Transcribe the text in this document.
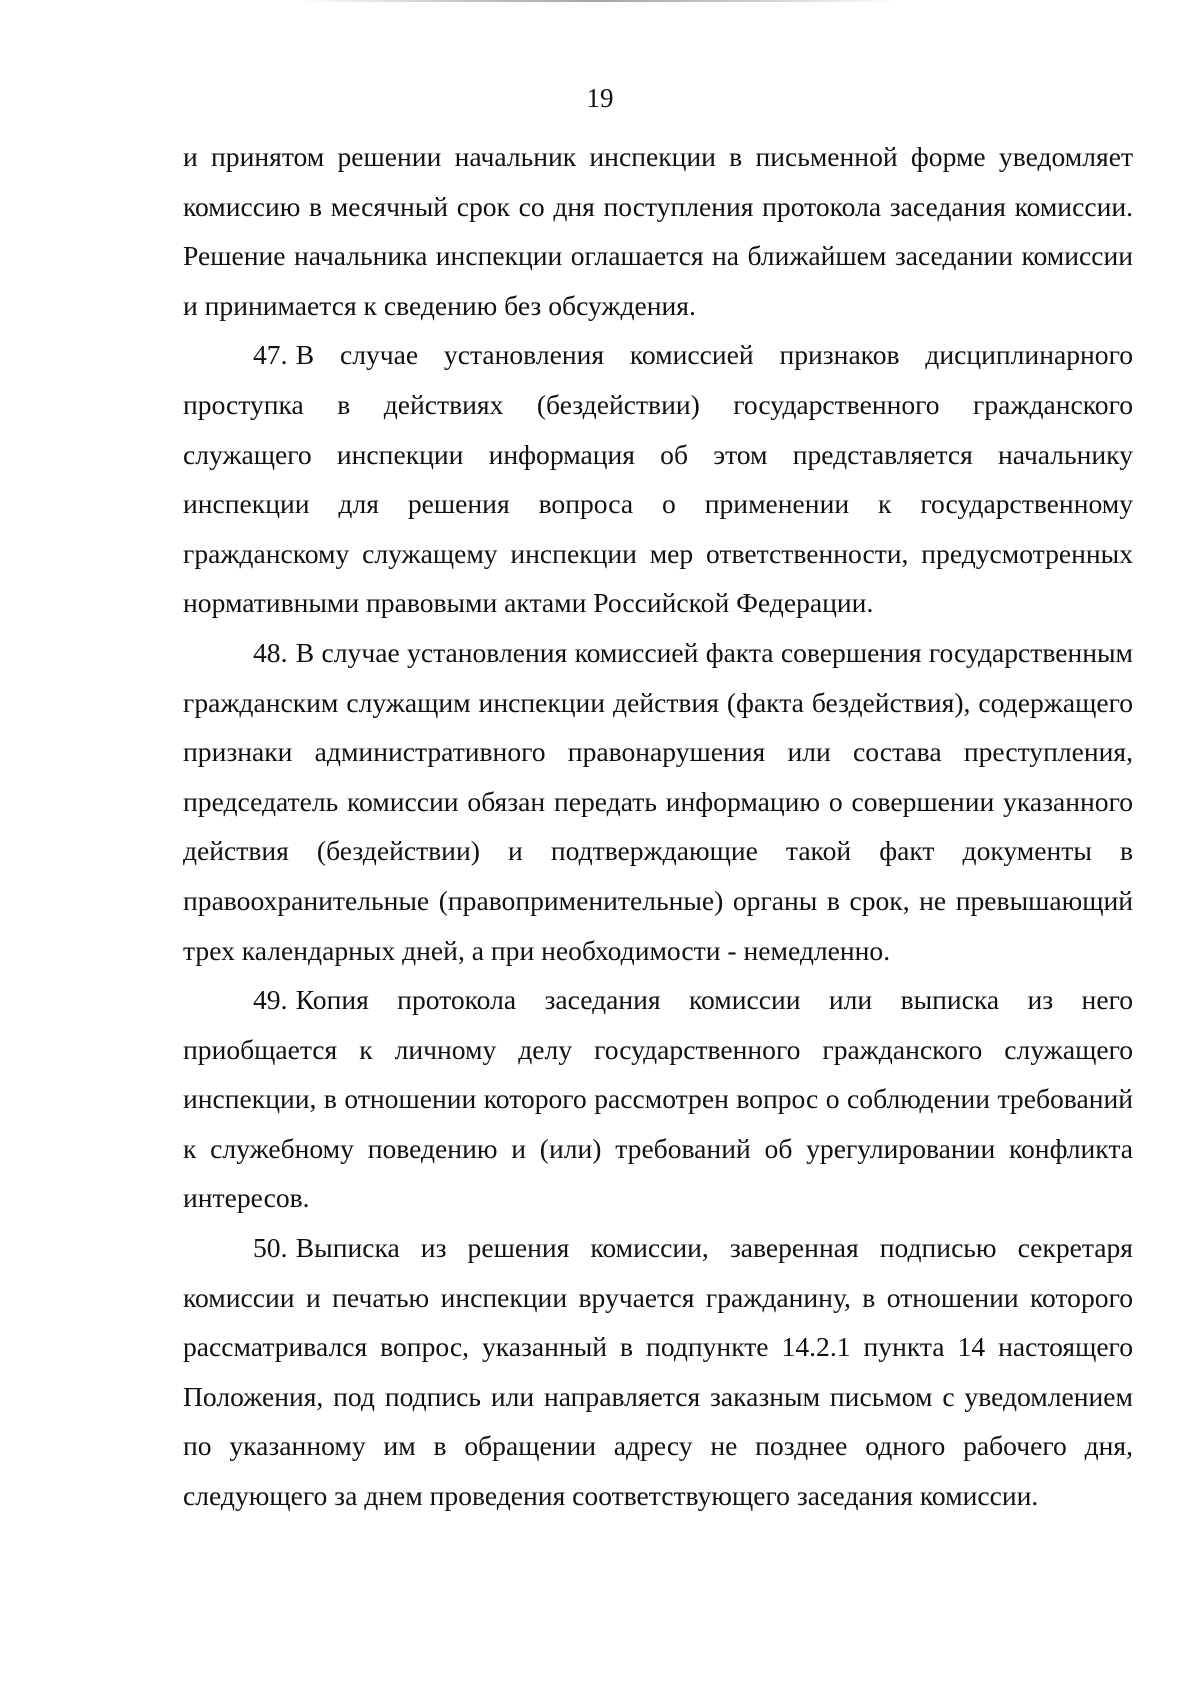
19

и принятом решении начальник инспекции в письменной форме уведомляет комиссию в месячный срок со дня поступления протокола заседания комиссии. Решение начальника инспекции оглашается на ближайшем заседании комиссии и принимается к сведению без обсуждения.

47. В случае установления комиссией признаков дисциплинарного проступка в действиях (бездействии) государственного гражданского служащего инспекции информация об этом представляется начальнику инспекции для решения вопроса о применении к государственному гражданскому служащему инспекции мер ответственности, предусмотренных нормативными правовыми актами Российской Федерации.

48. В случае установления комиссией факта совершения государственным гражданским служащим инспекции действия (факта бездействия), содержащего признаки административного правонарушения или состава преступления, председатель комиссии обязан передать информацию о совершении указанного действия (бездействии) и подтверждающие такой факт документы в правоохранительные (правоприменительные) органы в срок, не превышающий трех календарных дней, а при необходимости - немедленно.

49. Копия протокола заседания комиссии или выписка из него приобщается к личному делу государственного гражданского служащего инспекции, в отношении которого рассмотрен вопрос о соблюдении требований к служебному поведению и (или) требований об урегулировании конфликта интересов.

50. Выписка из решения комиссии, заверенная подписью секретаря комиссии и печатью инспекции вручается гражданину, в отношении которого рассматривался вопрос, указанный в подпункте 14.2.1 пункта 14 настоящего Положения, под подпись или направляется заказным письмом с уведомлением по указанному им в обращении адресу не позднее одного рабочего дня, следующего за днем проведения соответствующего заседания комиссии.
